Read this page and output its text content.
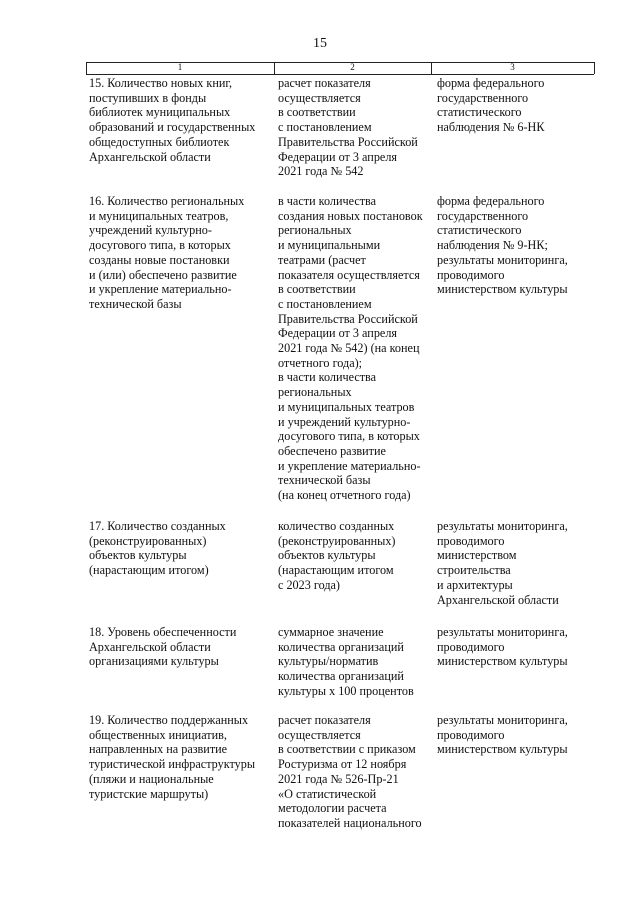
15
1	2	3
15. Количество новых книг,
поступивших в фонды
библиотек муниципальных
образований и государственных
общедоступных библиотек
Архангельской области
расчет показателя
осуществляется
в соответствии
с постановлением
Правительства Российской
Федерации от 3 апреля
2021 года № 542
форма федерального
государственного
статистического
наблюдения № 6-НК
16. Количество региональных
и муниципальных театров,
учреждений культурно-
досугового типа, в которых
созданы новые постановки
и (или) обеспечено развитие
и укрепление материально-
технической базы
в части количества
создания новых постановок
региональных
и муниципальными
театрами (расчет
показателя осуществляется
в соответствии
с постановлением
Правительства Российской
Федерации от 3 апреля
2021 года № 542) (на конец
отчетного года);
в части количества
региональных
и муниципальных театров
и учреждений культурно-
досугового типа, в которых
обеспечено развитие
и укрепление материально-
технической базы
(на конец отчетного года)
форма федерального
государственного
статистического
наблюдения № 9-НК;
результаты мониторинга,
проводимого
министерством культуры
17. Количество созданных
(реконструированных)
объектов культуры
(нарастающим итогом)
количество созданных
(реконструированных)
объектов культуры
(нарастающим итогом
с 2023 года)
результаты мониторинга,
проводимого
министерством
строительства
и архитектуры
Архангельской области
18. Уровень обеспеченности
Архангельской области
организациями культуры
суммарное значение
количества организаций
культуры/норматив
количества организаций
культуры х 100 процентов
результаты мониторинга,
проводимого
министерством культуры
19. Количество поддержанных
общественных инициатив,
направленных на развитие
туристической инфраструктуры
(пляжи и национальные
туристские маршруты)
расчет показателя
осуществляется
в соответствии с приказом
Ростуризма от 12 ноября
2021 года № 526-Пр-21
«О статистической
методологии расчета
показателей национального
результаты мониторинга,
проводимого
министерством культуры
